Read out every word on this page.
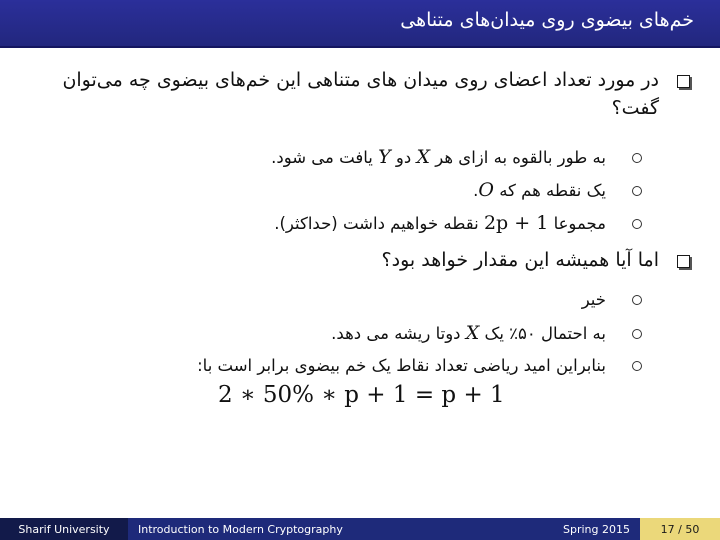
خم‌های بیضوی روی میدان‌های متناهی
در مورد تعداد اعضای روی میدان های متناهی این خم‌های بیضوی چه می‌توان گفت؟
به طور بالقوه به ازای هر X دو Y یافت می شود.
یک نقطه هم که O.
مجموعا 2p + 1 نقطه خواهیم داشت (حداکثر).
اما آیا همیشه این مقدار خواهد بود؟
خیر
به احتمال ۵۰٪ یک X دوتا ریشه می دهد.
بنابراین امید ریاضی تعداد نقاط یک خم بیضوی برابر است با:
2 ∗ 50% ∗ p + 1 = p + 1
Sharif University	Introduction to Modern Cryptography	Spring 2015	17 / 50
